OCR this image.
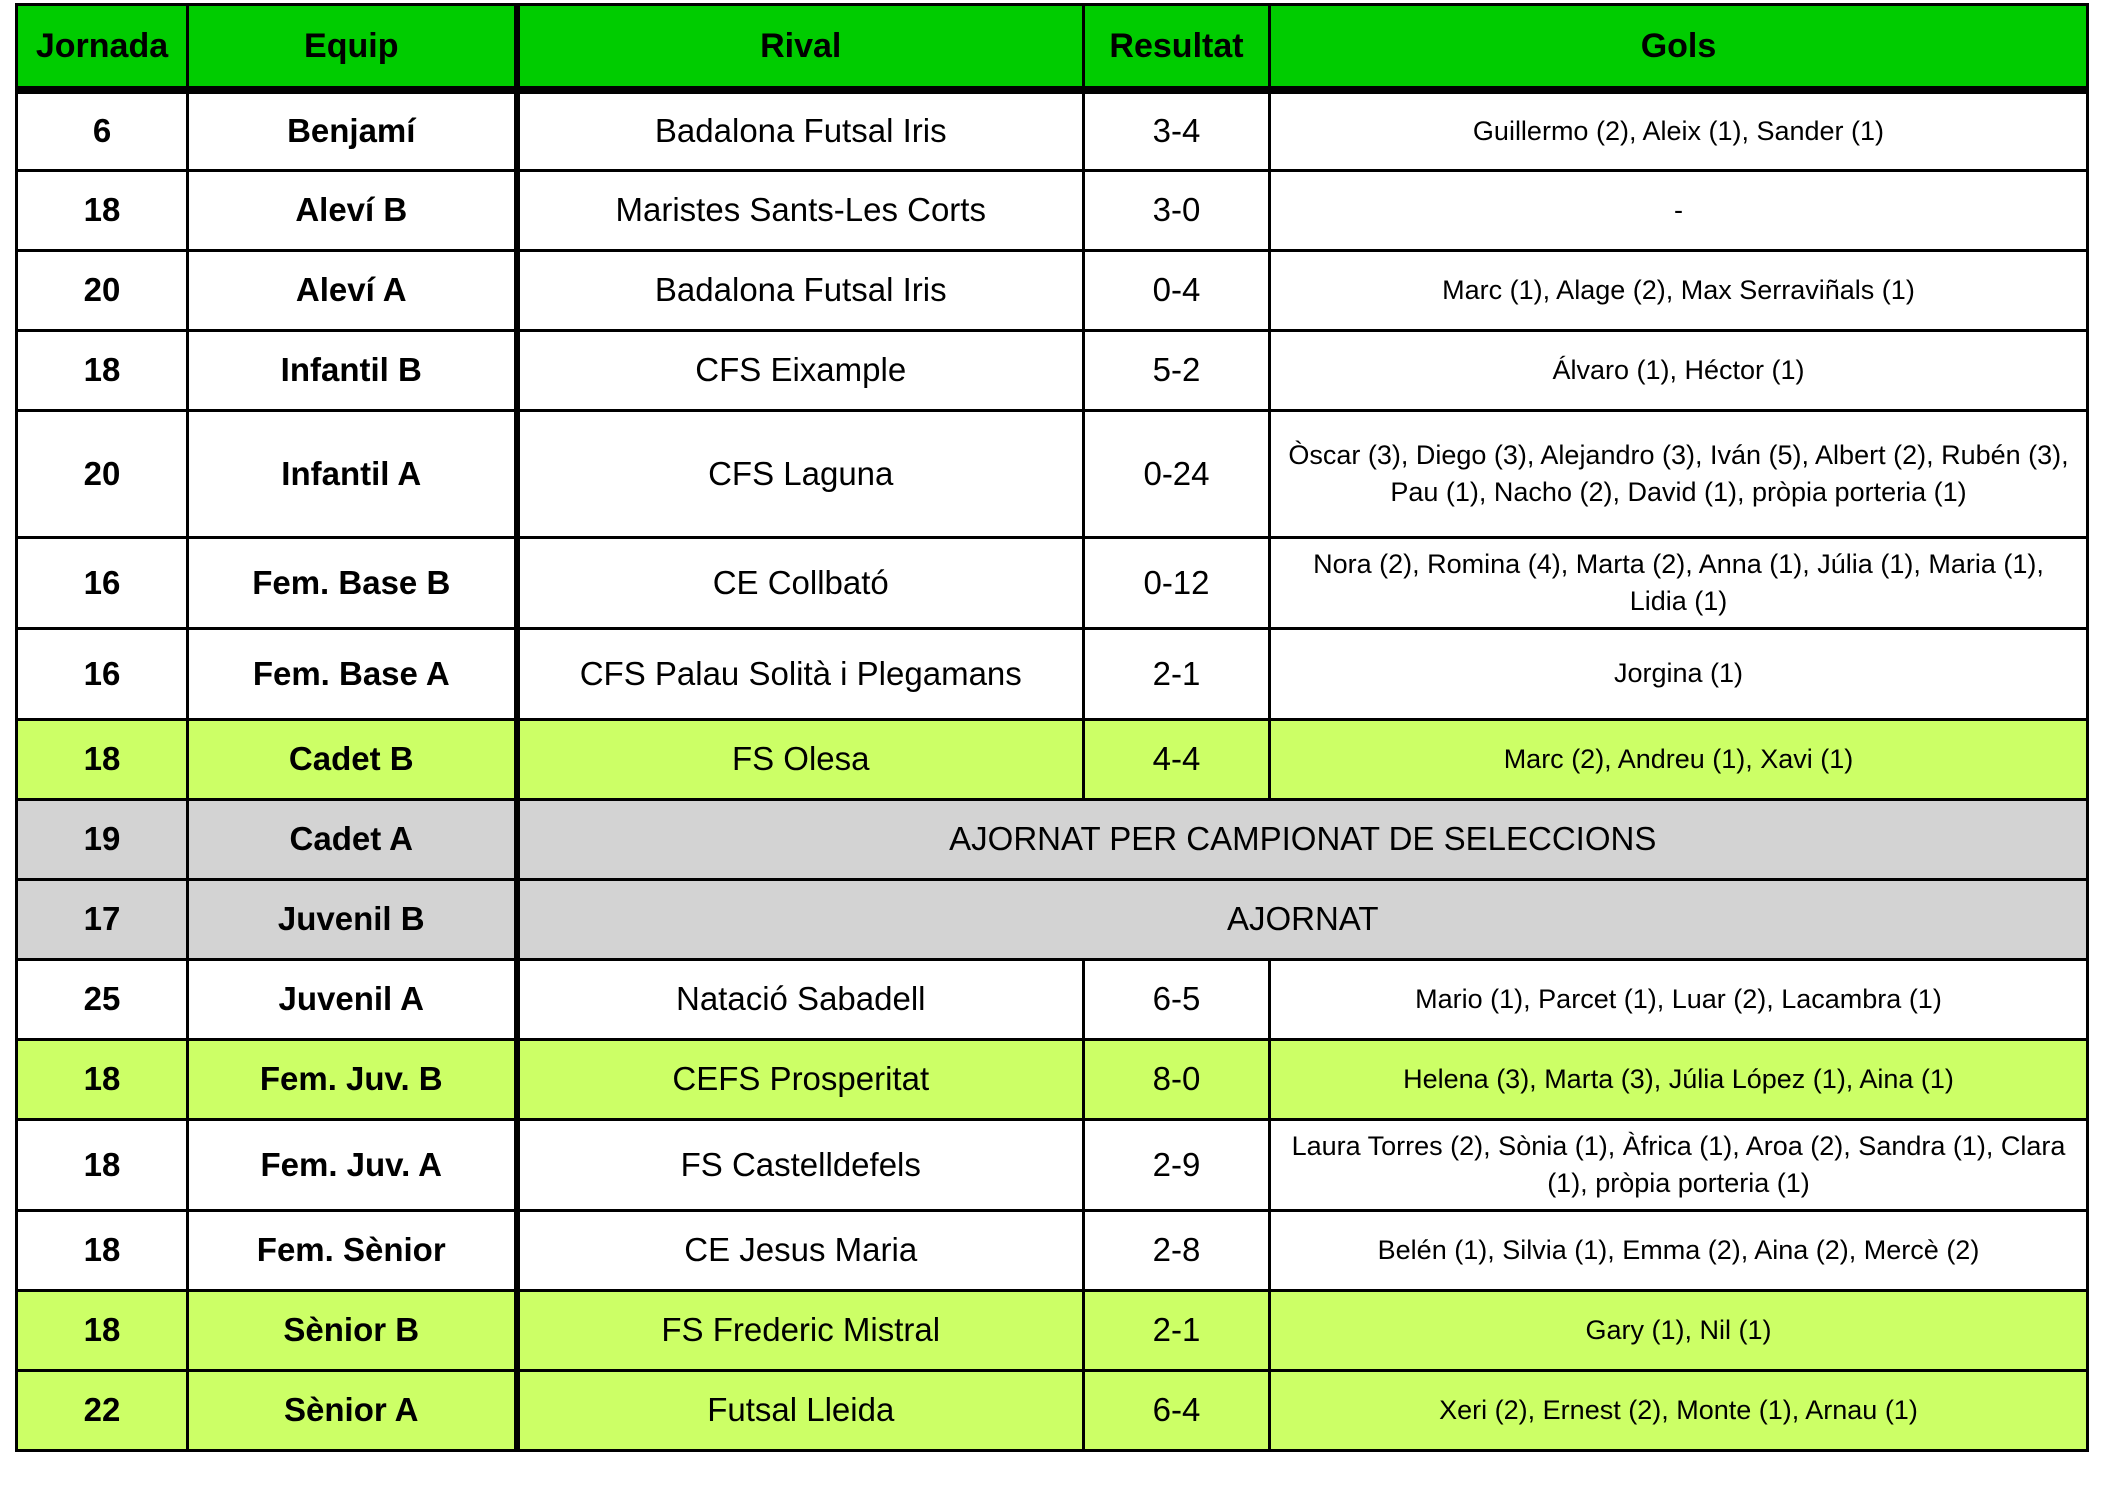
Jornada	Equip	Rival	Resultat	Gols
6	Benjamí	Badalona Futsal Iris	3-4	Guillermo (2), Aleix (1), Sander (1)
18	Aleví B	Maristes Sants-Les Corts	3-0	-
20	Aleví A	Badalona Futsal Iris	0-4	Marc (1), Alage (2), Max Serraviñals (1)
18	Infantil B	CFS Eixample	5-2	Álvaro (1), Héctor (1)
20	Infantil A	CFS Laguna	0-24	Òscar (3), Diego (3), Alejandro (3), Iván (5), Albert (2), Rubén (3), Pau (1), Nacho (2), David (1), pròpia porteria (1)
16	Fem. Base B	CE Collbató	0-12	Nora (2), Romina (4), Marta (2), Anna (1), Júlia (1), Maria (1), Lidia (1)
16	Fem. Base A	CFS Palau Solità i Plegamans	2-1	Jorgina (1)
18	Cadet B	FS Olesa	4-4	Marc (2), Andreu (1), Xavi (1)
19	Cadet A	AJORNAT PER CAMPIONAT DE SELECCIONS		
17	Juvenil B	AJORNAT		
25	Juvenil A	Natació Sabadell	6-5	Mario (1), Parcet (1), Luar (2), Lacambra (1)
18	Fem. Juv. B	CEFS Prosperitat	8-0	Helena (3), Marta (3), Júlia López (1), Aina (1)
18	Fem. Juv. A	FS Castelldefels	2-9	Laura Torres (2), Sònia (1), Àfrica (1), Aroa (2), Sandra (1), Clara (1), pròpia porteria (1)
18	Fem. Sènior	CE Jesus Maria	2-8	Belén (1), Silvia (1), Emma (2), Aina (2), Mercè (2)
18	Sènior B	FS Frederic Mistral	2-1	Gary (1), Nil (1)
22	Sènior A	Futsal Lleida	6-4	Xeri (2), Ernest (2), Monte (1), Arnau (1)
